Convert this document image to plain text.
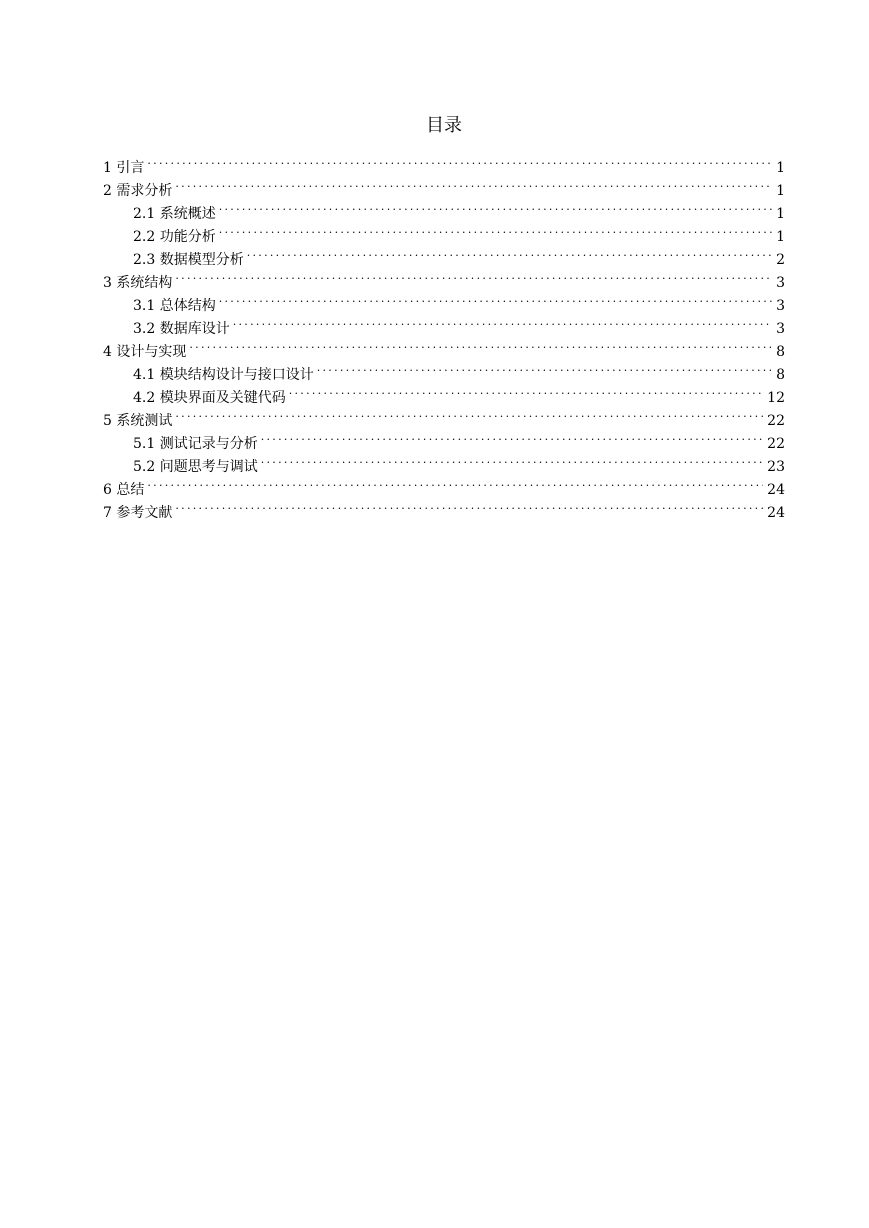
目录
1 引言 . . .	1
2 需求分析 . . .	1
2.1 系统概述 . . .	1
2.2 功能分析 . . .	1
2.3 数据模型分析 . . .	2
3 系统结构 . . .	3
3.1 总体结构 . . .	3
3.2 数据库设计 . . .	3
4 设计与实现 . . .	8
4.1 模块结构设计与接口设计 . . .	8
4.2 模块界面及关键代码 . . .	12
5 系统测试 . . .	22
5.1 测试记录与分析 . . .	22
5.2 问题思考与调试 . . .	23
6 总结 . . .	24
7 参考文献 . . .	24
